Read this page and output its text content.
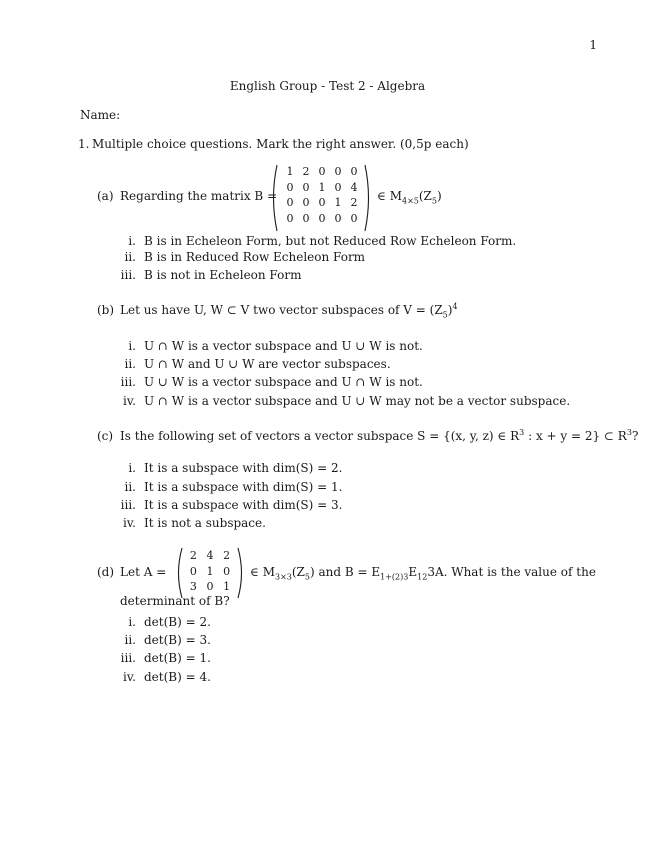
1
English Group - Test 2 - Algebra
Name:
1. Multiple choice questions. Mark the right answer. (0,5p each)
(a) Regarding the matrix B =
1	2	0	0	0
0	0	1	0	4
0	0	0	1	2
0	0	0	0	0
∈ $M_{4\times 5}(Z_5)$
i. B is in Echeleon Form, but not Reduced Row Echeleon Form.
ii. B is in Reduced Row Echeleon Form
iii. B is not in Echeleon Form
(b) Let us have U, W ⊂ V two vector subspaces of $V = (Z_5)^4$
i. U ∩ W is a vector subspace and U ∪ W is not.
ii. U ∩ W and U ∪ W are vector subspaces.
iii. U ∪ W is a vector subspace and U ∩ W is not.
iv. U ∩ W is a vector subspace and U ∪ W may not be a vector subspace.
(c) Is the following set of vectors a vector subspace S = {(x, y, z) ∈ $R^3$ : x + y = 2} ⊂ $R^3$?
i. It is a subspace with dim(S) = 2.
ii. It is a subspace with dim(S) = 1.
iii. It is a subspace with dim(S) = 3.
iv. It is not a subspace.
(d) Let A =
2	4	2
0	1	0
3	0	1
∈ $M_{3\times 3}(Z_5)$ and $B = E_{1+(2)3}E_{12}3A$. What is the value of the
determinant of B?
i. det(B) = 2.
ii. det(B) = 3.
iii. det(B) = 1.
iv. det(B) = 4.
